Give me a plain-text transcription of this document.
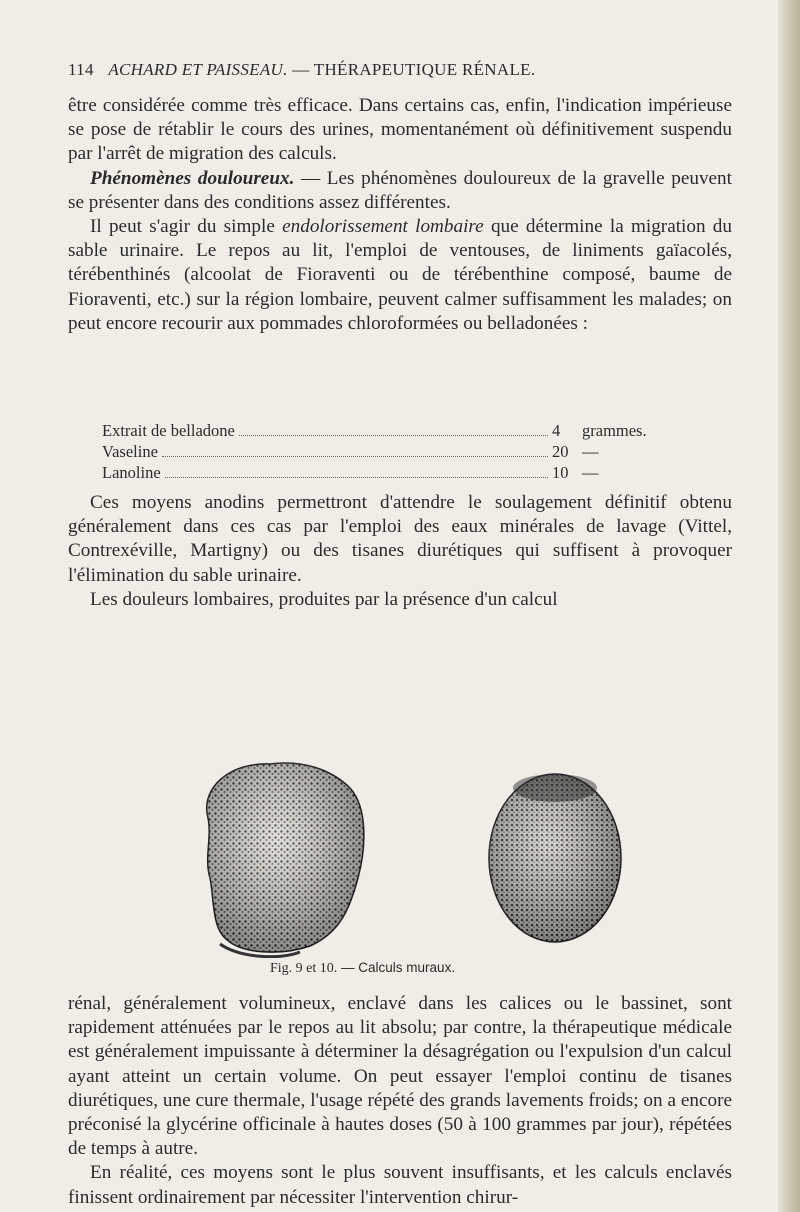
114 ACHARD ET PAISSEAU. — THÉRAPEUTIQUE RÉNALE.

être considérée comme très efficace. Dans certains cas, enfin, l'indication impérieuse se pose de rétablir le cours des urines, momentanément où définitivement suspendu par l'arrêt de migration des calculs.

Phénomènes douloureux. — Les phénomènes douloureux de la gravelle peuvent se présenter dans des conditions assez différentes.

Il peut s'agir du simple endolorissement lombaire que détermine la migration du sable urinaire. Le repos au lit, l'emploi de ventouses, de liniments gaïacolés, térébenthinés (alcoolat de Fioraventi ou de térébenthine composé, baume de Fioraventi, etc.) sur la région lombaire, peuvent calmer suffisamment les malades; on peut encore recourir aux pommades chloroformées ou belladonées :

Extrait de belladone	4	grammes.
Vaseline	20 —
Lanoline	10 —

Ces moyens anodins permettront d'attendre le soulagement définitif obtenu généralement dans ces cas par l'emploi des eaux minérales de lavage (Vittel, Contrexéville, Martigny) ou des tisanes diurétiques qui suffisent à provoquer l'élimination du sable urinaire.

Les douleurs lombaires, produites par la présence d'un calcul

Fig. 9 et 10. — Calculs muraux.

rénal, généralement volumineux, enclavé dans les calices ou le bassinet, sont rapidement atténuées par le repos au lit absolu; par contre, la thérapeutique médicale est généralement impuissante à déterminer la désagrégation ou l'expulsion d'un calcul ayant atteint un certain volume. On peut essayer l'emploi continu de tisanes diurétiques, une cure thermale, l'usage répété des grands lavements froids; on a encore préconisé la glycérine officinale à hautes doses (50 à 100 grammes par jour), répétées de temps à autre.

En réalité, ces moyens sont le plus souvent insuffisants, et les calculs enclavés finissent ordinairement par nécessiter l'intervention chirur-
